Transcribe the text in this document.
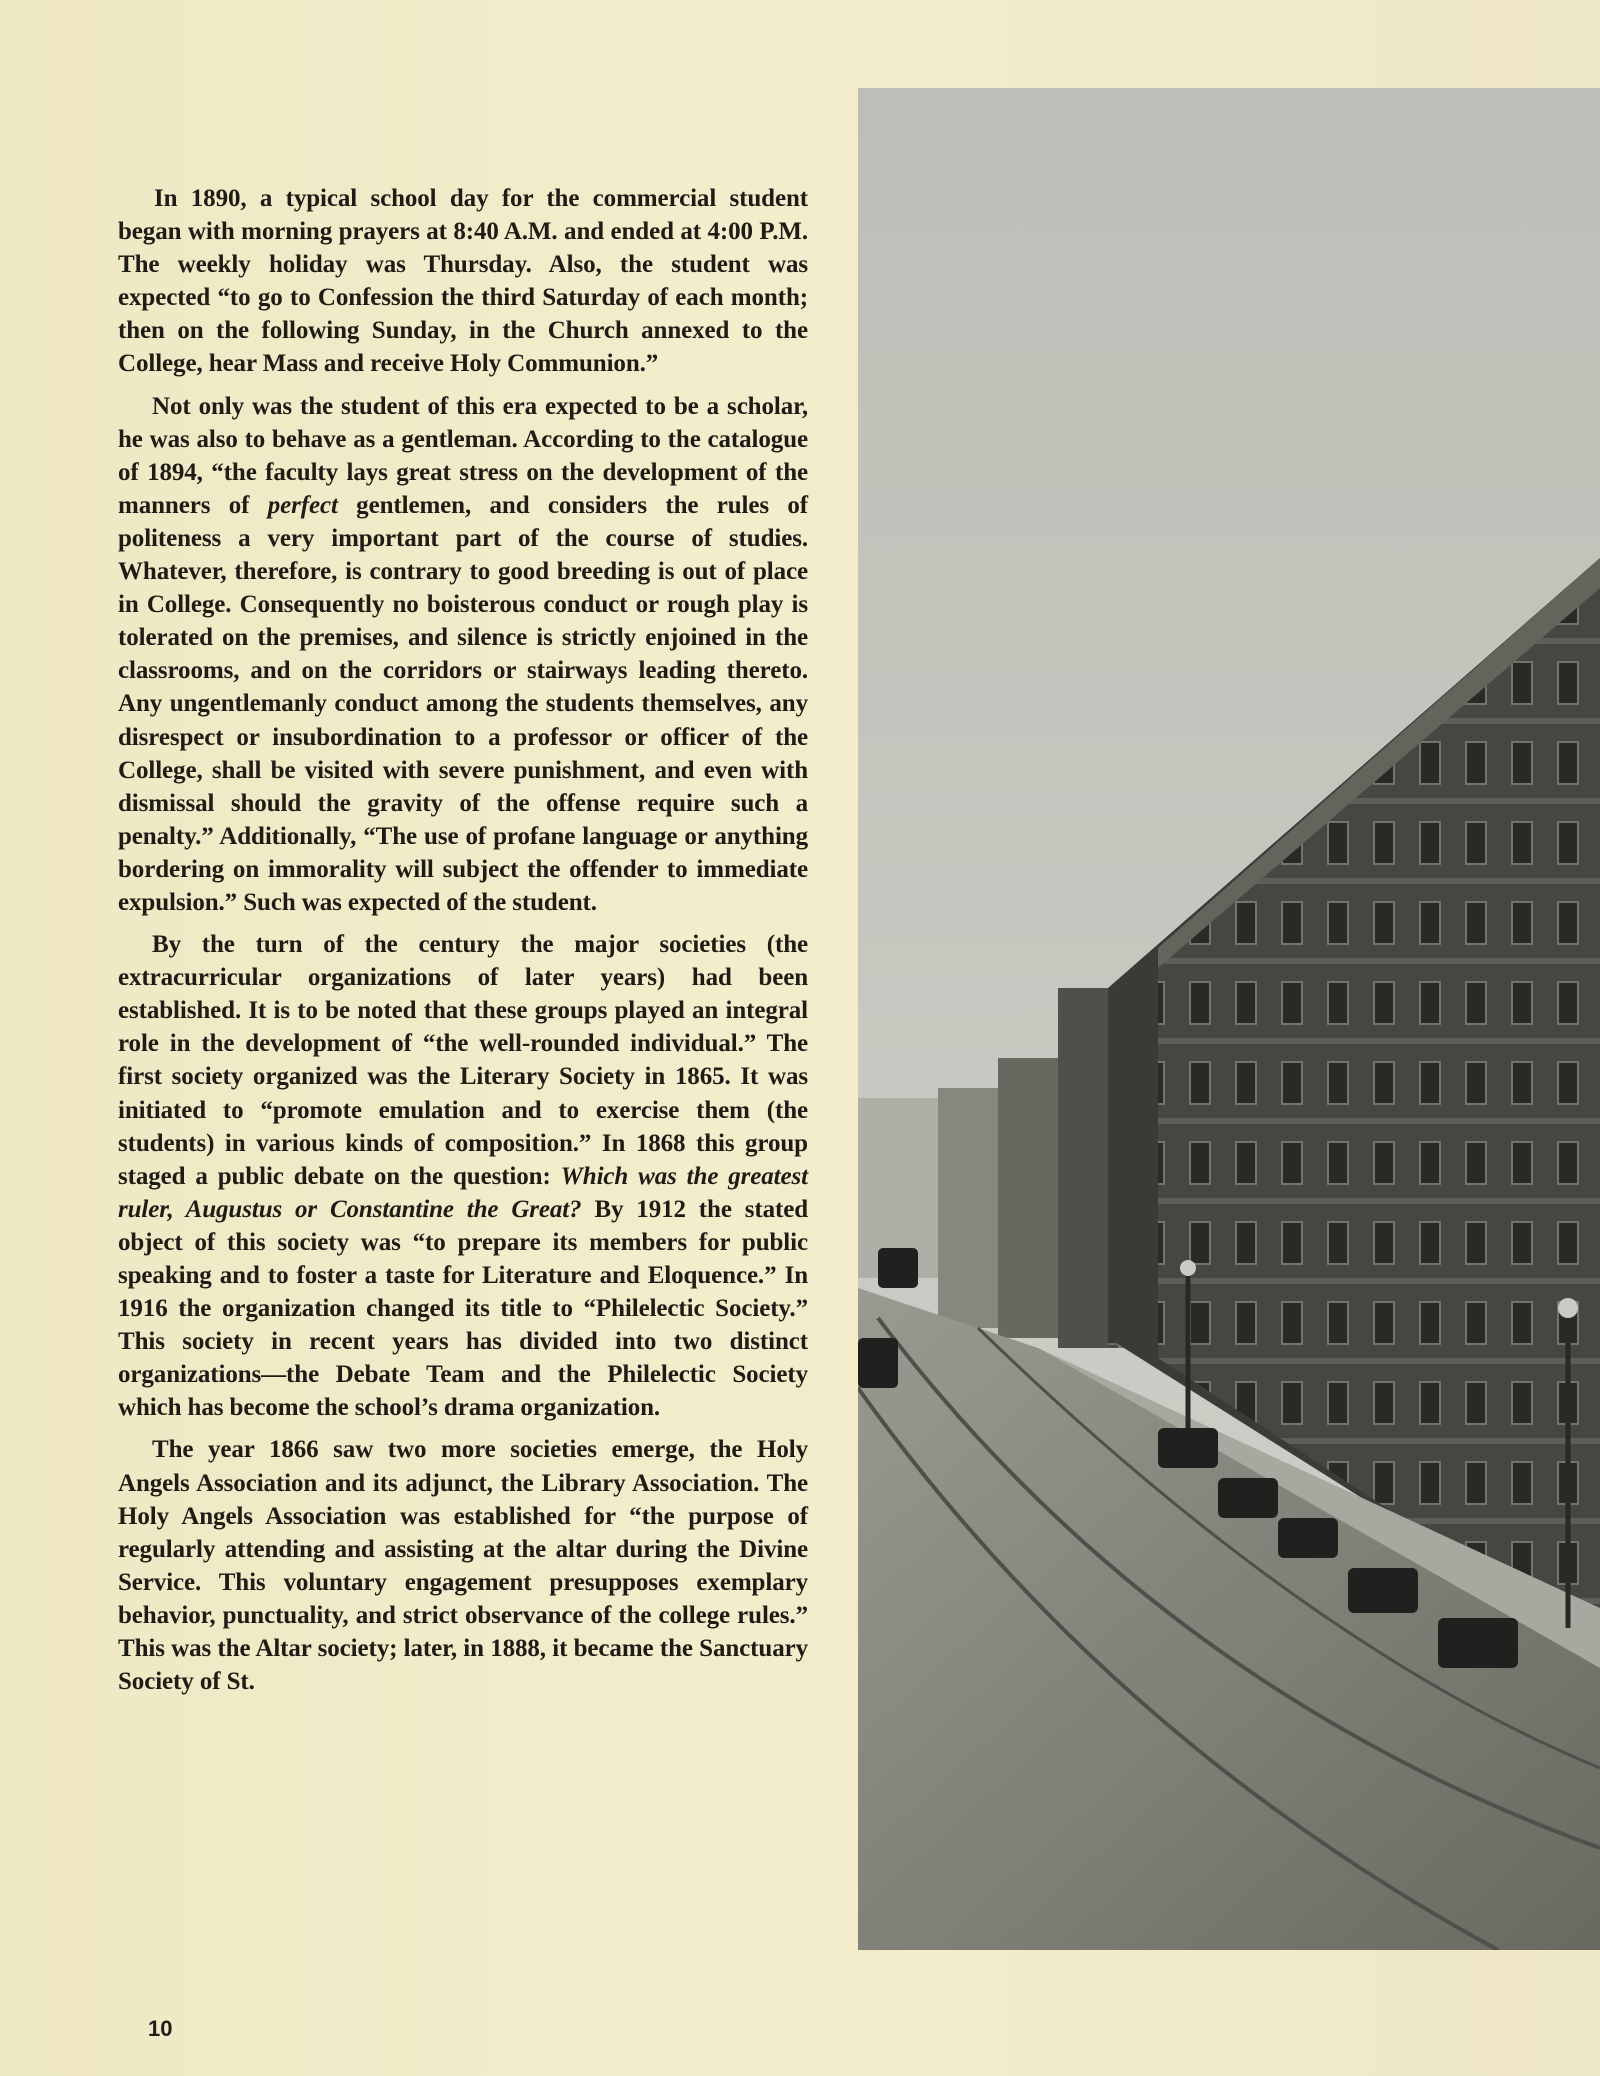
In 1890, a typical school day for the commercial student began with morning prayers at 8:40 A.M. and ended at 4:00 P.M. The weekly holiday was Thursday. Also, the student was expected “to go to Confession the third Saturday of each month; then on the following Sunday, in the Church annexed to the College, hear Mass and receive Holy Communion.”

Not only was the student of this era expected to be a scholar, he was also to behave as a gentleman. According to the catalogue of 1894, “the faculty lays great stress on the development of the manners of perfect gentlemen, and considers the rules of politeness a very important part of the course of studies. Whatever, therefore, is contrary to good breeding is out of place in College. Consequently no boisterous conduct or rough play is tolerated on the premises, and silence is strictly enjoined in the classrooms, and on the corridors or stairways leading thereto. Any ungentlemanly conduct among the students themselves, any disrespect or insubordination to a professor or officer of the College, shall be visited with severe punishment, and even with dismissal should the gravity of the offense require such a penalty.” Additionally, “The use of profane language or anything bordering on immorality will subject the offender to immediate expulsion.” Such was expected of the student.

By the turn of the century the major societies (the extracurricular organizations of later years) had been established. It is to be noted that these groups played an integral role in the development of “the well-rounded individual.” The first society organized was the Literary Society in 1865. It was initiated to “promote emulation and to exercise them (the students) in various kinds of composition.” In 1868 this group staged a public debate on the question: Which was the greatest ruler, Augustus or Constantine the Great? By 1912 the stated object of this society was “to prepare its members for public speaking and to foster a taste for Literature and Eloquence.” In 1916 the organization changed its title to “Philelectic Society.” This society in recent years has divided into two distinct organizations—the Debate Team and the Philelectic Society which has become the school’s drama organization.

The year 1866 saw two more societies emerge, the Holy Angels Association and its adjunct, the Library Association. The Holy Angels Association was established for “the purpose of regularly attending and assisting at the altar during the Divine Service. This voluntary engagement presupposes exemplary behavior, punctuality, and strict observance of the college rules.” This was the Altar society; later, in 1888, it became the Sanctuary Society of St.

10
